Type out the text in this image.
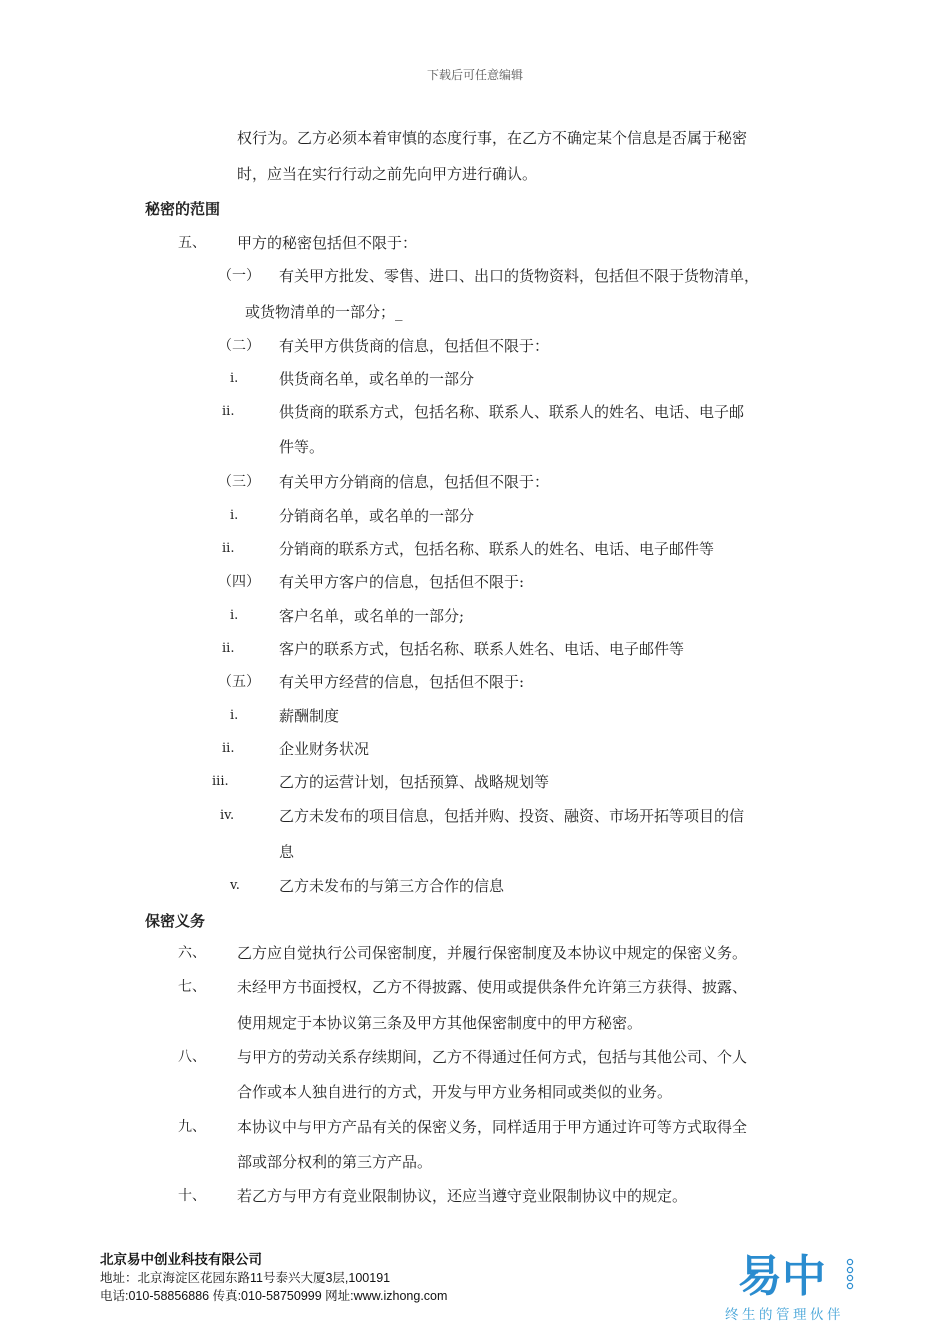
下载后可任意编辑
权行为。乙方必须本着审慎的态度行事，在乙方不确定某个信息是否属于秘密
时，应当在实行行动之前先向甲方进行确认。
秘密的范围
五、 甲方的秘密包括但不限于：
（一） 有关甲方批发、零售、进口、出口的货物资料，包括但不限于货物清单，
或货物清单的一部分；_
（二） 有关甲方供货商的信息，包括但不限于：
i.	供货商名单，或名单的一部分
ii.	供货商的联系方式，包括名称、联系人、联系人的姓名、电话、电子邮
件等。
（三） 有关甲方分销商的信息，包括但不限于：
i.	分销商名单，或名单的一部分
ii.	分销商的联系方式，包括名称、联系人的姓名、电话、电子邮件等
（四） 有关甲方客户的信息，包括但不限于:
i.	客户名单，或名单的一部分;
ii.	客户的联系方式，包括名称、联系人姓名、电话、电子邮件等
（五） 有关甲方经营的信息，包括但不限于:
i.	薪酬制度
ii.	企业财务状况
iii.	乙方的运营计划，包括预算、战略规划等
iv.	乙方未发布的项目信息，包括并购、投资、融资、市场开拓等项目的信
息
v.	乙方未发布的与第三方合作的信息
保密义务
六、 乙方应自觉执行公司保密制度，并履行保密制度及本协议中规定的保密义务。
七、 未经甲方书面授权，乙方不得披露、使用或提供条件允许第三方获得、披露、
使用规定于本协议第三条及甲方其他保密制度中的甲方秘密。
八、 与甲方的劳动关系存续期间，乙方不得通过任何方式，包括与其他公司、个人
合作或本人独自进行的方式，开发与甲方业务相同或类似的业务。
九、 本协议中与甲方产品有关的保密义务，同样适用于甲方通过许可等方式取得全
部或部分权利的第三方产品。
十、 若乙方与甲方有竞业限制协议，还应当遵守竞业限制协议中的规定。
北京易中创业科技有限公司
地址：北京海淀区花园东路11号泰兴大厦3层,100191
电话:010-58856886 传真:010-58750999 网址:www.izhong.com	易中
终生的管理伙伴
